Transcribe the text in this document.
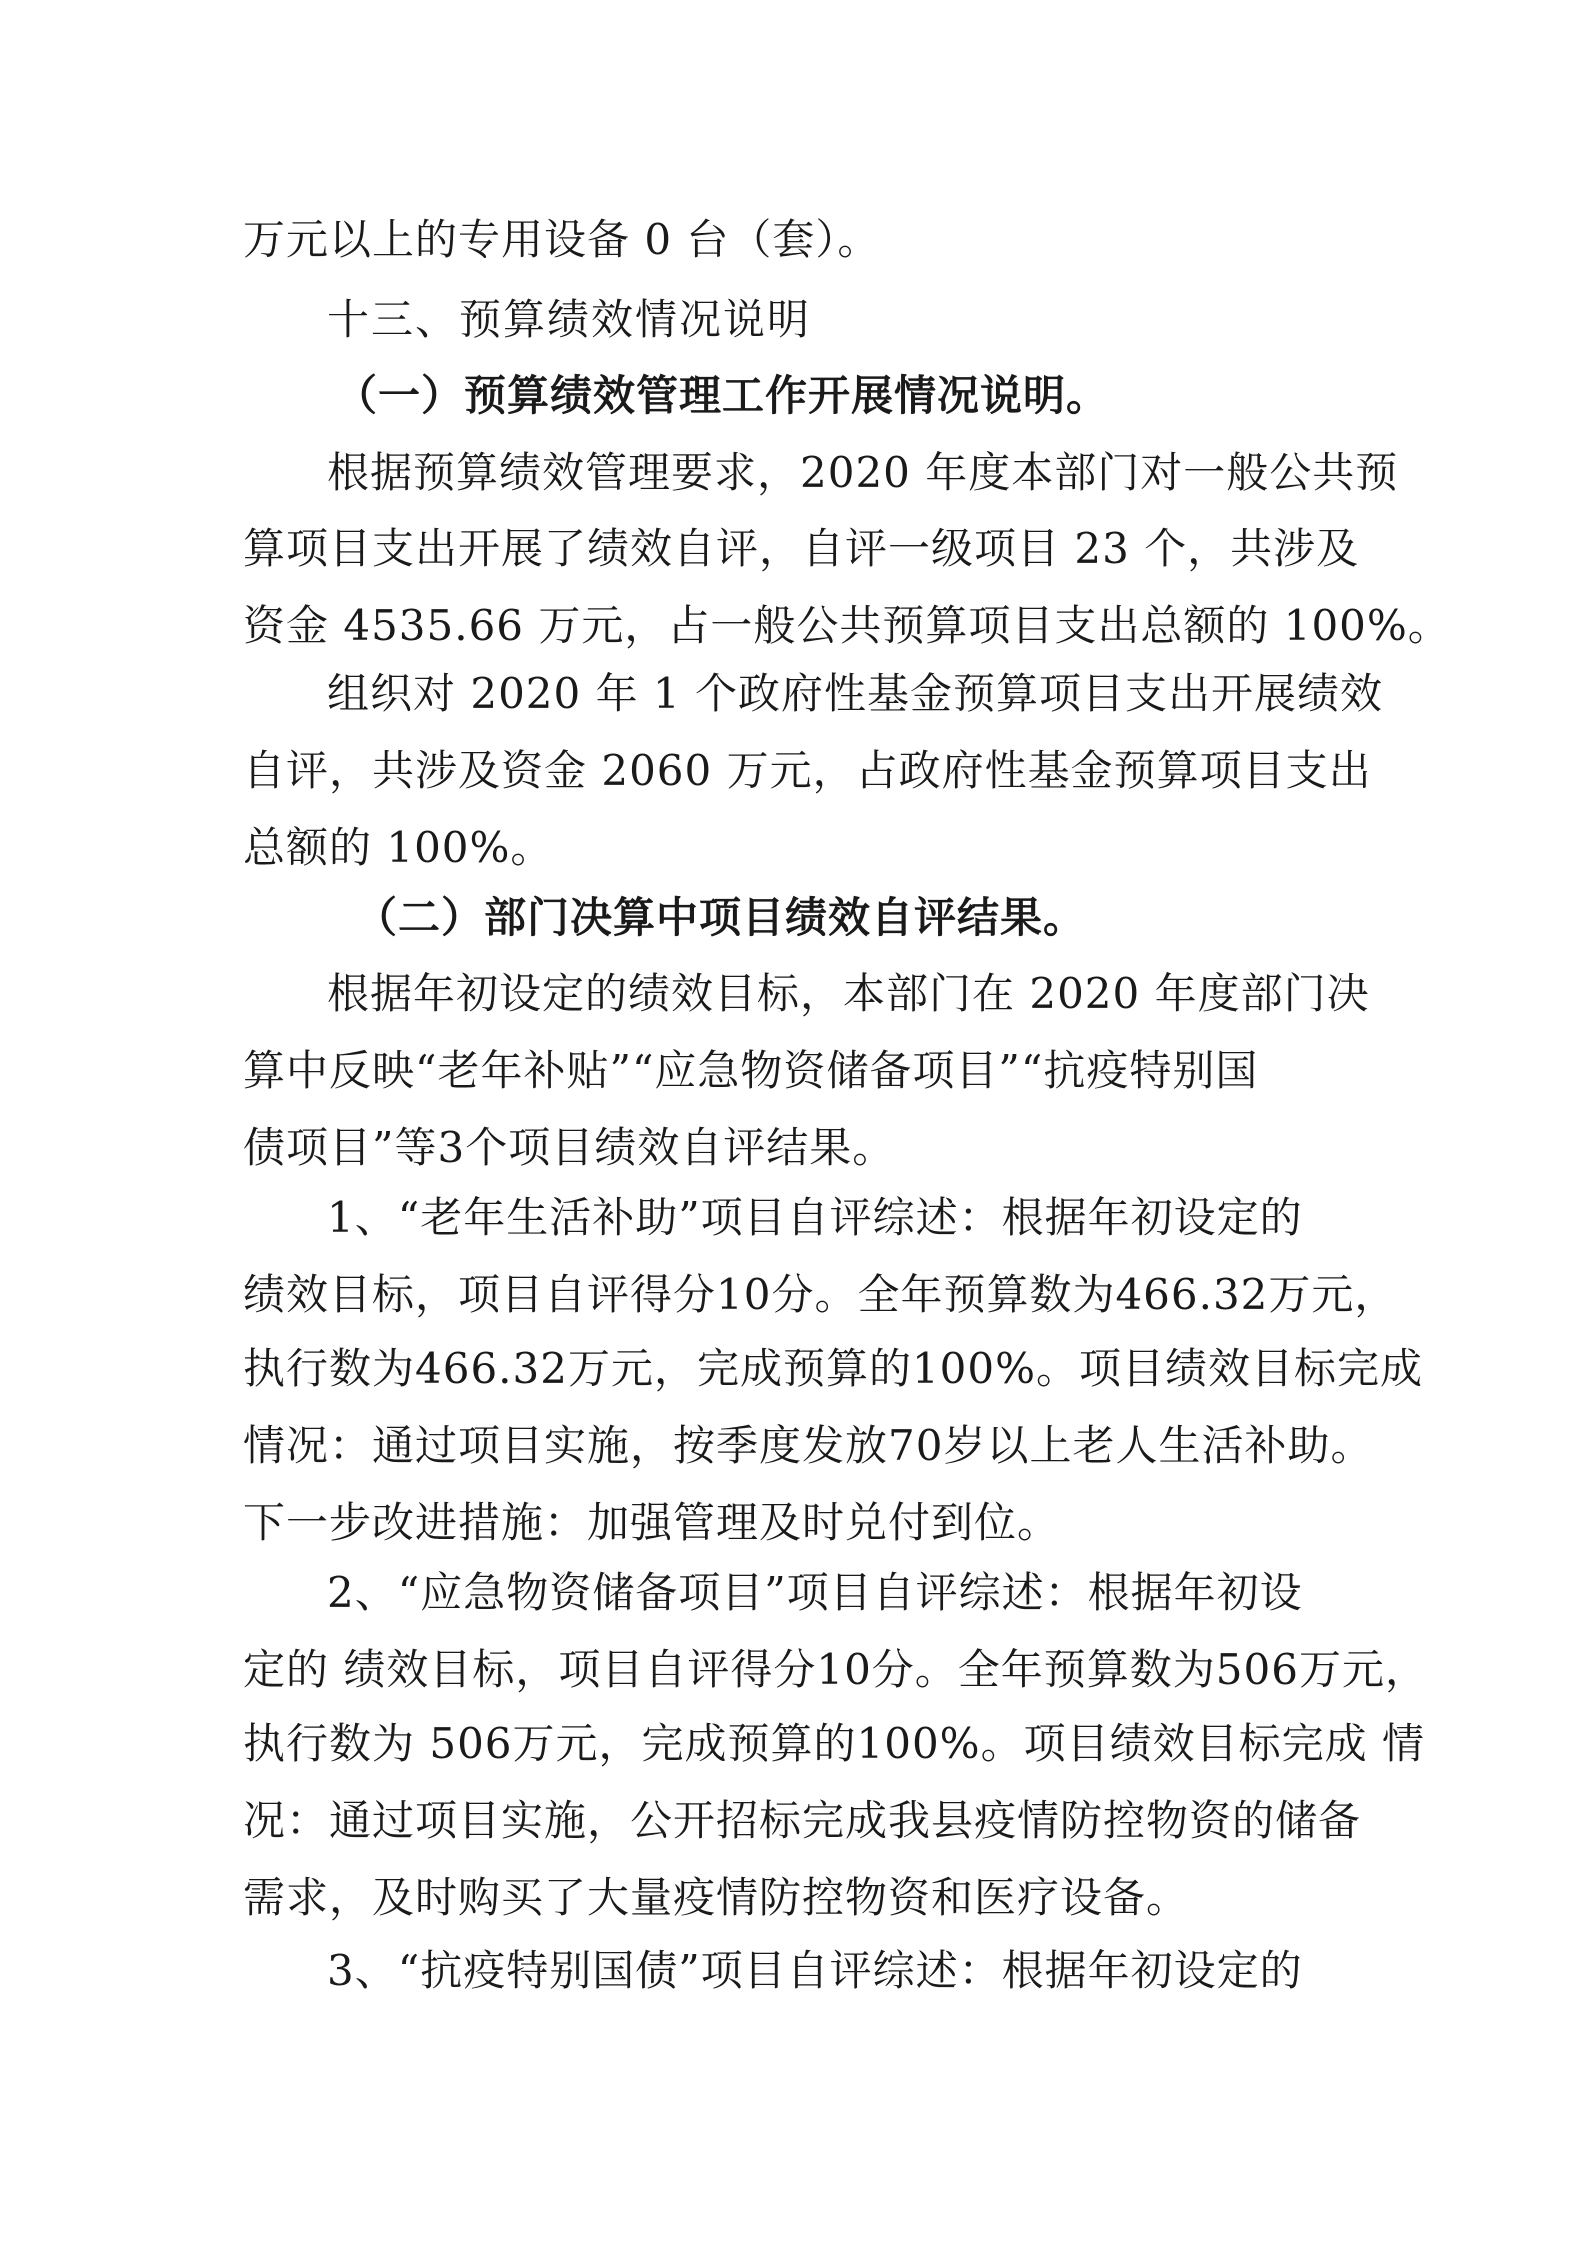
万元以上的专用设备 0 台（套）。
十三、预算绩效情况说明
（一）预算绩效管理工作开展情况说明。
根据预算绩效管理要求，2020 年度本部门对一般公共预
算项目支出开展了绩效自评，自评一级项目 23 个，共涉及
资金 4535.66 万元，占一般公共预算项目支出总额的 100%。
组织对 2020 年 1 个政府性基金预算项目支出开展绩效
自评，共涉及资金 2060 万元，占政府性基金预算项目支出
总额的 100%。
（二）部门决算中项目绩效自评结果。
根据年初设定的绩效目标，本部门在 2020 年度部门决
算中反映“老年补贴”“应急物资储备项目”“抗疫特别国
债项目”等3个项目绩效自评结果。
1、“老年生活补助”项目自评综述：根据年初设定的
绩效目标，项目自评得分10分。全年预算数为466.32万元，
执行数为466.32万元，完成预算的100%。项目绩效目标完成
情况：通过项目实施，按季度发放70岁以上老人生活补助。
下一步改进措施：加强管理及时兑付到位。
2、“应急物资储备项目”项目自评综述：根据年初设
定的 绩效目标，项目自评得分10分。全年预算数为506万元，
执行数为 506万元，完成预算的100%。项目绩效目标完成 情
况：通过项目实施，公开招标完成我县疫情防控物资的储备
需求，及时购买了大量疫情防控物资和医疗设备。
3、“抗疫特别国债”项目自评综述：根据年初设定的
